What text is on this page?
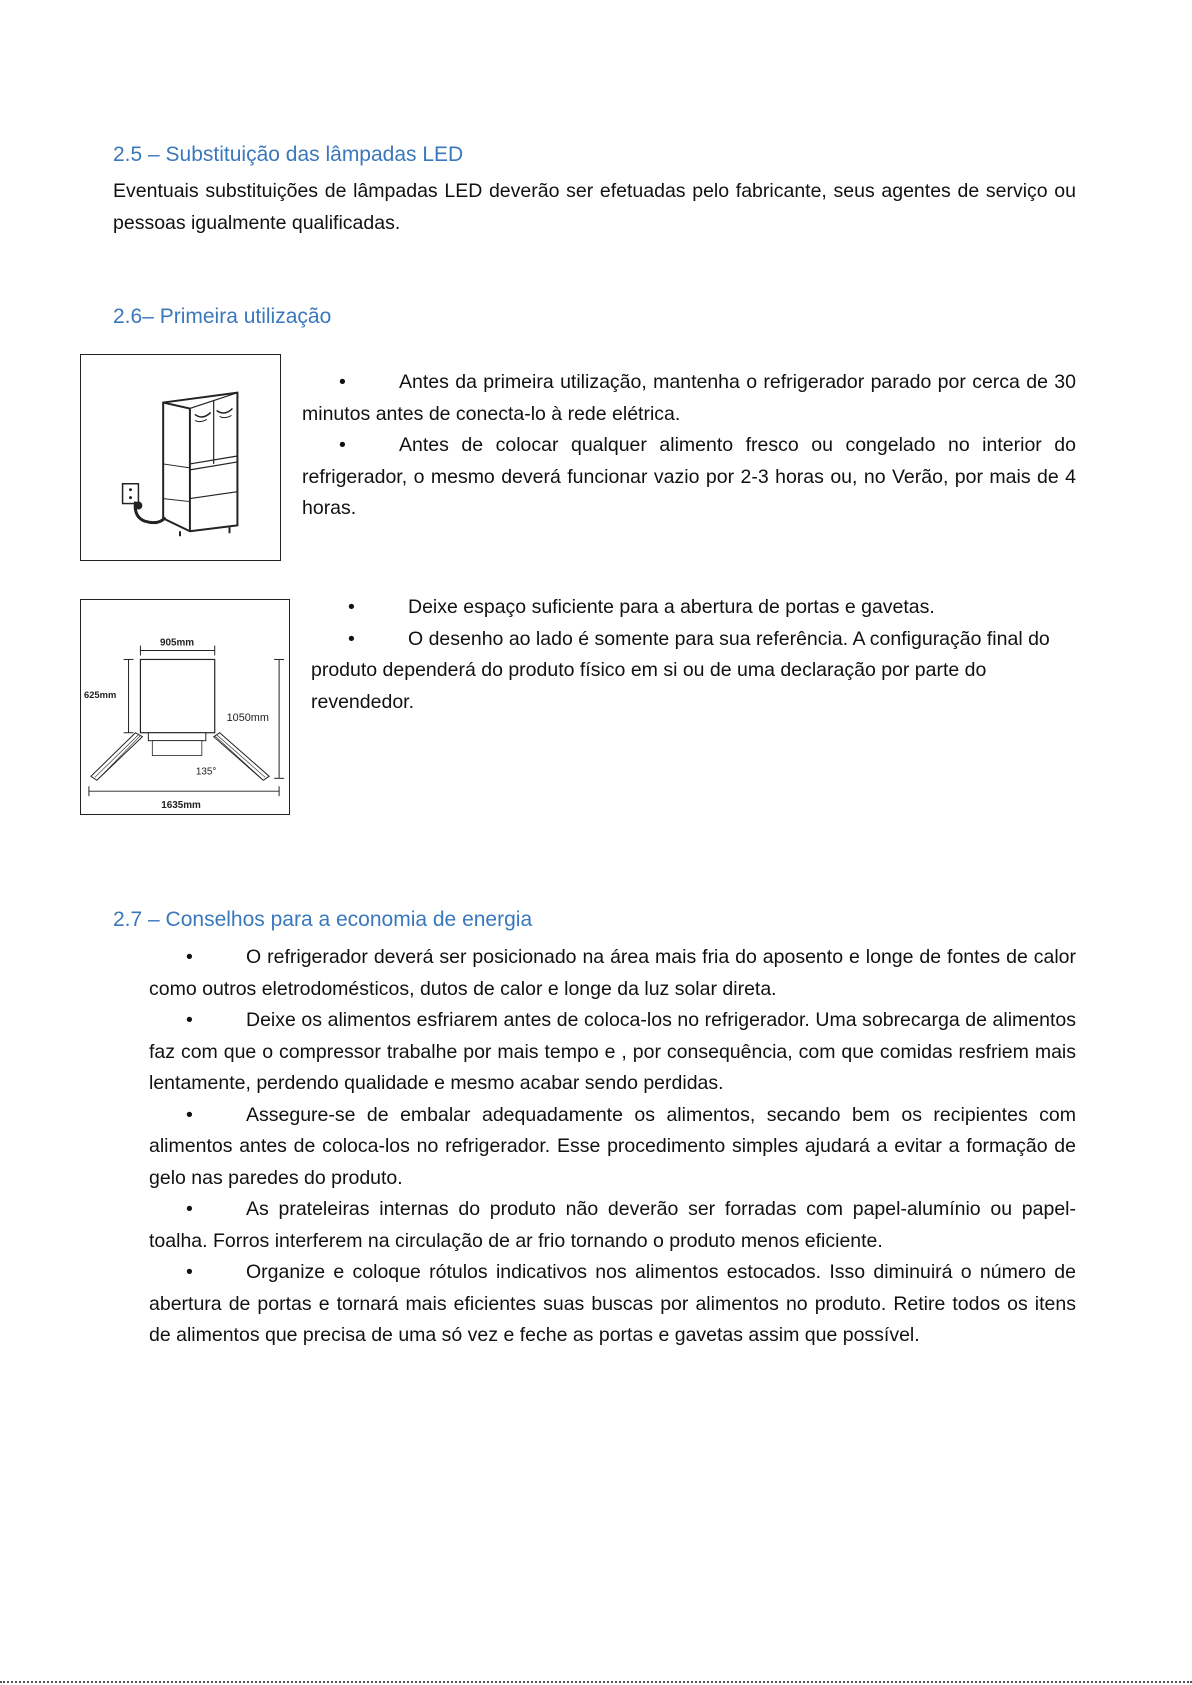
2.5 – Substituição das lâmpadas LED

Eventuais substituições de lâmpadas LED deverão ser efetuadas pelo fabricante, seus agentes de serviço ou pessoas igualmente qualificadas.

2.6– Primeira utilização
•	Antes da primeira utilização, mantenha o refrigerador parado por cerca de 30 minutos antes de conecta-lo à rede elétrica.
•	Antes de colocar qualquer alimento fresco ou congelado no interior do refrigerador, o mesmo deverá funcionar vazio por 2-3 horas ou, no Verão, por mais de 4 horas.
905mm
625mm
1050mm
135°
1635mm
•	Deixe espaço suficiente para a abertura de portas e gavetas.
•	O desenho ao lado é somente para sua referência. A configuração final do produto dependerá do produto físico em si ou de uma declaração por parte do revendedor.
2.7 – Conselhos para a economia de energia
•	O refrigerador deverá ser posicionado na área mais fria do aposento e longe de fontes de calor como outros eletrodomésticos, dutos de calor e longe da luz solar direta.
•	Deixe os alimentos esfriarem antes de coloca-los no refrigerador. Uma sobrecarga de alimentos faz com que o compressor trabalhe por mais tempo e , por consequência, com que comidas resfriem mais lentamente, perdendo qualidade e mesmo acabar sendo perdidas.
•	Assegure-se de embalar adequadamente os alimentos, secando bem os recipientes com alimentos antes de coloca-los no refrigerador. Esse procedimento simples ajudará a evitar a formação de gelo nas paredes do produto.
•	As prateleiras internas do produto não deverão ser forradas com papel-alumínio ou papel-toalha. Forros interferem na circulação de ar frio tornando o produto menos eficiente.
•	Organize e coloque rótulos indicativos nos alimentos estocados. Isso diminuirá o número de abertura de portas e tornará mais eficientes suas buscas por alimentos no produto. Retire todos os itens de alimentos que precisa de uma só vez e feche as portas e gavetas assim que possível.
